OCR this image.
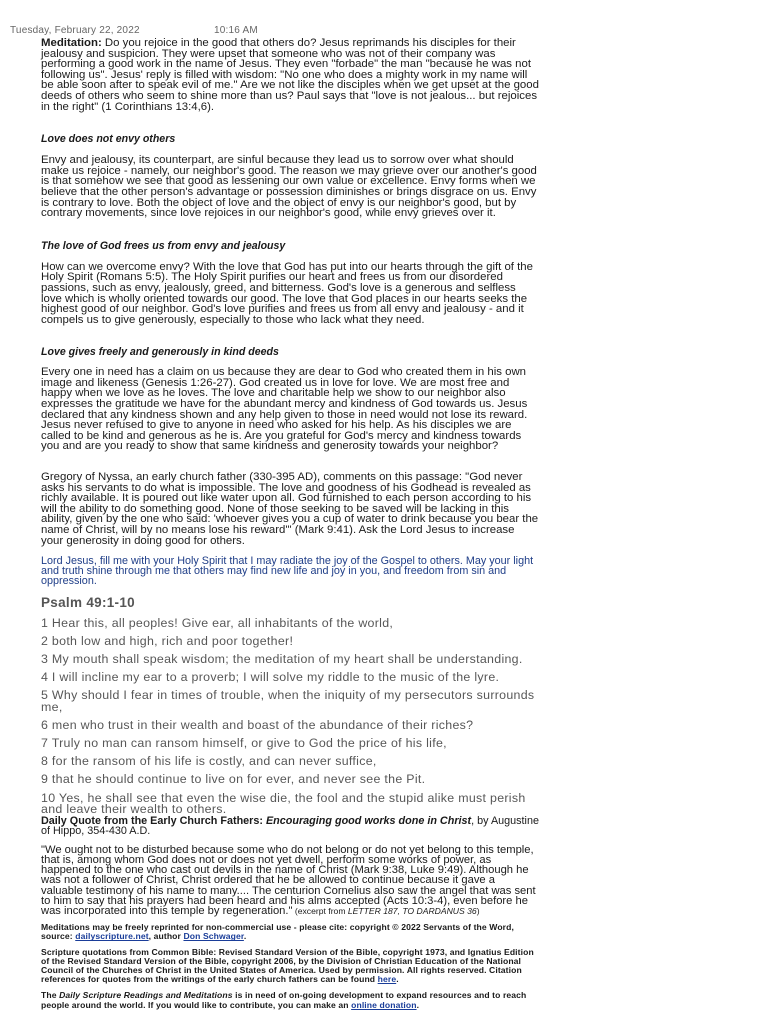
Tuesday, February 22, 2022	10:16 AM

Meditation: Do you rejoice in the good that others do? Jesus reprimands his disciples for their jealousy and suspicion. They were upset that someone who was not of their company was performing a good work in the name of Jesus. They even "forbade" the man "because he was not following us". Jesus' reply is filled with wisdom: "No one who does a mighty work in my name will be able soon after to speak evil of me." Are we not like the disciples when we get upset at the good deeds of others who seem to shine more than us? Paul says that "love is not jealous... but rejoices in the right" (1 Corinthians 13:4,6).

Love does not envy others

Envy and jealousy, its counterpart, are sinful because they lead us to sorrow over what should make us rejoice - namely, our neighbor's good. The reason we may grieve over our another's good is that somehow we see that good as lessening our own value or excellence. Envy forms when we believe that the other person's advantage or possession diminishes or brings disgrace on us. Envy is contrary to love. Both the object of love and the object of envy is our neighbor's good, but by contrary movements, since love rejoices in our neighbor's good, while envy grieves over it.

The love of God frees us from envy and jealousy

How can we overcome envy? With the love that God has put into our hearts through the gift of the Holy Spirit (Romans 5:5). The Holy Spirit purifies our heart and frees us from our disordered passions, such as envy, jealously, greed, and bitterness. God's love is a generous and selfless love which is wholly oriented towards our good. The love that God places in our hearts seeks the highest good of our neighbor. God's love purifies and frees us from all envy and jealousy - and it compels us to give generously, especially to those who lack what they need.

Love gives freely and generously in kind deeds

Every one in need has a claim on us because they are dear to God who created them in his own image and likeness (Genesis 1:26-27). God created us in love for love. We are most free and happy when we love as he loves. The love and charitable help we show to our neighbor also expresses the gratitude we have for the abundant mercy and kindness of God towards us. Jesus declared that any kindness shown and any help given to those in need would not lose its reward. Jesus never refused to give to anyone in need who asked for his help. As his disciples we are called to be kind and generous as he is. Are you grateful for God's mercy and kindness towards you and are you ready to show that same kindness and generosity towards your neighbor?

Gregory of Nyssa, an early church father (330-395 AD), comments on this passage: "God never asks his servants to do what is impossible. The love and goodness of his Godhead is revealed as richly available. It is poured out like water upon all. God furnished to each person according to his will the ability to do something good. None of those seeking to be saved will be lacking in this ability, given by the one who said: 'whoever gives you a cup of water to drink because you bear the name of Christ, will by no means lose his reward'" (Mark 9:41). Ask the Lord Jesus to increase your generosity in doing good for others.

Lord Jesus, fill me with your Holy Spirit that I may radiate the joy of the Gospel to others. May your light and truth shine through me that others may find new life and joy in you, and freedom from sin and oppression.

Psalm 49:1-10

1 Hear this, all peoples! Give ear, all inhabitants of the world,

2 both low and high, rich and poor together!

3 My mouth shall speak wisdom; the meditation of my heart shall be understanding.

4 I will incline my ear to a proverb; I will solve my riddle to the music of the lyre.

5 Why should I fear in times of trouble, when the iniquity of my persecutors surrounds me,

6 men who trust in their wealth and boast of the abundance of their riches?

7 Truly no man can ransom himself, or give to God the price of his life,

8 for the ransom of his life is costly, and can never suffice,

9 that he should continue to live on for ever, and never see the Pit.

10 Yes, he shall see that even the wise die, the fool and the stupid alike must perish and leave their wealth to others.

Daily Quote from the Early Church Fathers: Encouraging good works done in Christ, by Augustine of Hippo, 354-430 A.D.

"We ought not to be disturbed because some who do not belong or do not yet belong to this temple, that is, among whom God does not or does not yet dwell, perform some works of power, as happened to the one who cast out devils in the name of Christ (Mark 9:38, Luke 9:49). Although he was not a follower of Christ, Christ ordered that he be allowed to continue because it gave a valuable testimony of his name to many.... The centurion Cornelius also saw the angel that was sent to him to say that his prayers had been heard and his alms accepted (Acts 10:3-4), even before he was incorporated into this temple by regeneration." (excerpt from LETTER 187, TO DARDANUS 36)

Meditations may be freely reprinted for non-commercial use - please cite: copyright © 2022 Servants of the Word, source: dailyscripture.net, author Don Schwager.

Scripture quotations from Common Bible: Revised Standard Version of the Bible, copyright 1973, and Ignatius Edition of the Revised Standard Version of the Bible, copyright 2006, by the Division of Christian Education of the National Council of the Churches of Christ in the United States of America. Used by permission. All rights reserved. Citation references for quotes from the writings of the early church fathers can be found here.

The Daily Scripture Readings and Meditations is in need of on-going development to expand resources and to reach people around the world. If you would like to contribute, you can make an online donation.
